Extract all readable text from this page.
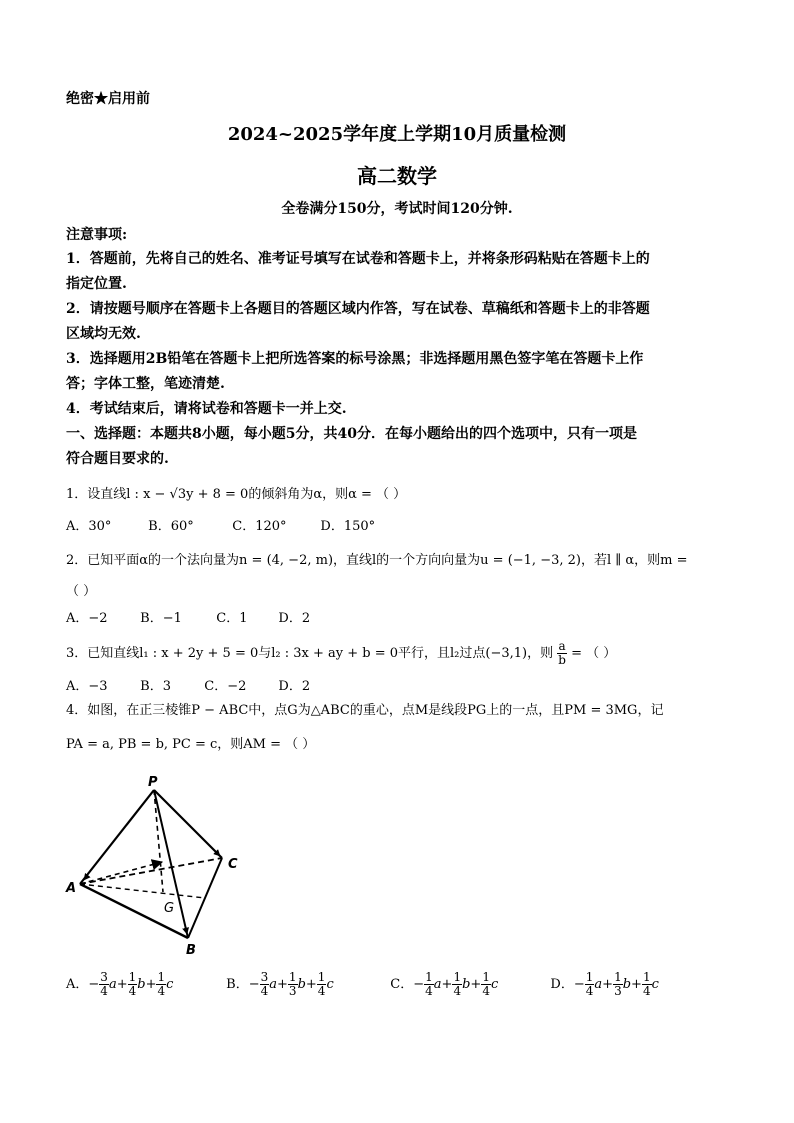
绝密★启用前
2024~2025学年度上学期10月质量检测
高二数学
全卷满分150分，考试时间120分钟.
注意事项:
1．答题前，先将自己的姓名、准考证号填写在试卷和答题卡上，并将条形码粘贴在答题卡上的
指定位置.
2．请按题号顺序在答题卡上各题目的答题区域内作答，写在试卷、草稿纸和答题卡上的非答题
区域均无效.
3．选择题用2B铅笔在答题卡上把所选答案的标号涂黑；非选择题用黑色签字笔在答题卡上作
答；字体工整，笔迹清楚.
4．考试结束后，请将试卷和答题卡一并上交.
一、选择题：本题共8小题，每小题5分，共40分．在每小题给出的四个选项中，只有一项是
符合题目要求的.
1．设直线l : x − √3y + 8 = 0的倾斜角为α，则α = （ ）
A．30°	B．60°	C．120°	D．150°
2．已知平面α的一个法向量为n = (4, −2, m)，直线l的一个方向向量为u = (−1, −3, 2)，若l ∥ α，则m =
（ ）
A．−2	B．−1	C．1 D．2
3．已知直线l₁ : x + 2y + 5 = 0与l₂ : 3x + ay + b = 0平行，且l₂过点(−3,1)，则 $\frac{a}{b}$ = （ ）
A．−3	B．3	C．−2 D．2
4．如图，在正三棱锥P − ABC中，点G为△ABC的重心，点M是线段PG上的一点，且PM = 3MG，记
PA = a, PB = b, PC = c，则AM = （ ）
P
A
B
C
G
A．− $\frac{3}{4} a+ \frac{1}{4} b+ \frac{1}{4}$ c	B．− $\frac{3}{4} a+ \frac{1}{3} b+ \frac{1}{4}$ c	C．− $\frac{1}{4} a+ \frac{1}{4} b+ \frac{1}{4}$ c	D．− $\frac{1}{4} a+ \frac{1}{3} b+ \frac{1}{4}$ c
